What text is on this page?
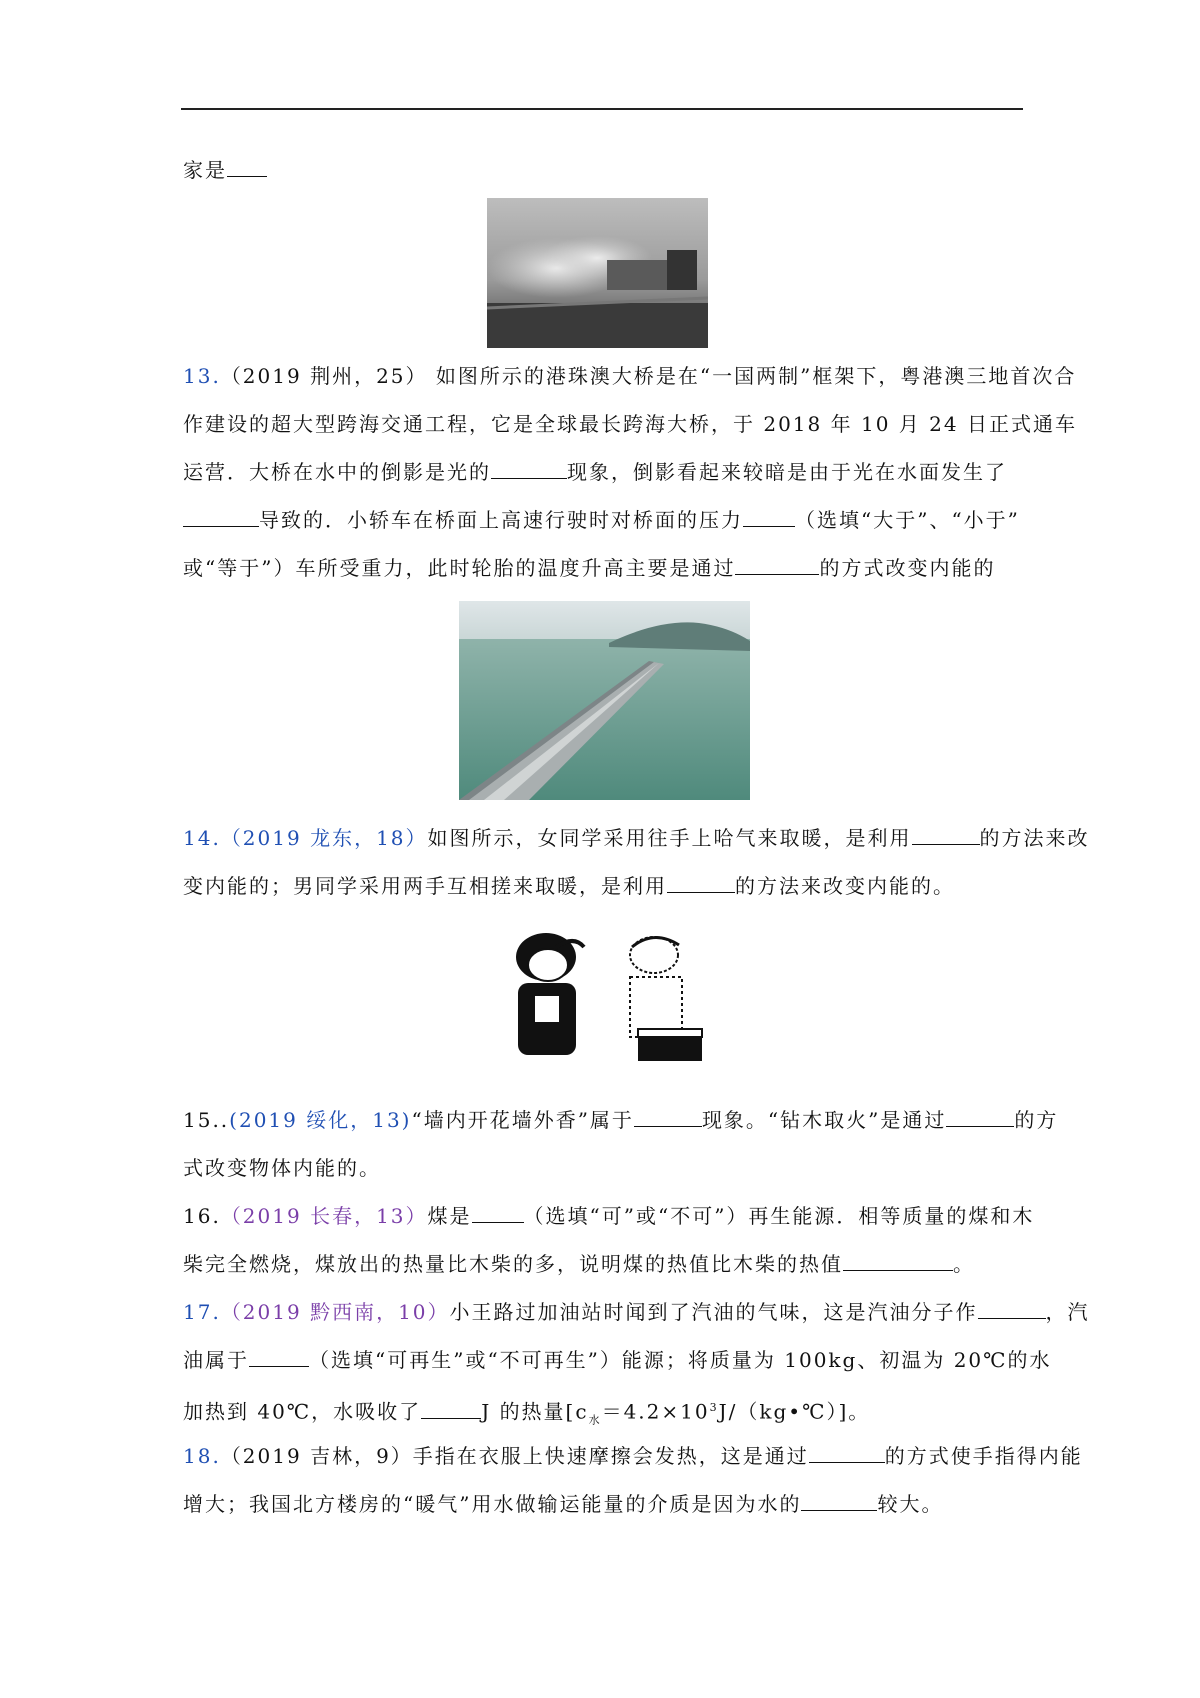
家是
13.（2019 荆州，25） 如图所示的港珠澳大桥是在“一国两制”框架下，粤港澳三地首次合
作建设的超大型跨海交通工程，它是全球最长跨海大桥，于 2018 年 10 月 24 日正式通车
运营．大桥在水中的倒影是光的	现象，倒影看起来较暗是由于光在水面发生了
导致的．小轿车在桥面上高速行驶时对桥面的压力	（选填“大于”、“小于”
或“等于”）车所受重力，此时轮胎的温度升高主要是通过	的方式改变内能的
14.（2019 龙东，18）如图所示，女同学采用往手上哈气来取暖，是利用	的方法来改
变内能的；男同学采用两手互相搓来取暖，是利用	的方法来改变内能的。
15..(2019 绥化，13)“墙内开花墙外香”属于	现象。“钻木取火”是通过	的方
式改变物体内能的。
16.（2019 长春，13）煤是	（选填“可”或“不可”）再生能源．相等质量的煤和木
柴完全燃烧，煤放出的热量比木柴的多，说明煤的热值比木柴的热值	。
17.（2019 黔西南，10）小王路过加油站时闻到了汽油的气味，这是汽油分子作	，汽
油属于	（选填“可再生”或“不可再生”）能源；将质量为 100kg、初温为 20℃的水
加热到 40℃，水吸收了	J 的热量$[c_水=4.2\times 10^3J/(kg•℃)]$。
18.（2019 吉林，9）手指在衣服上快速摩擦会发热，这是通过	的方式使手指得内能
增大；我国北方楼房的“暖气”用水做输运能量的介质是因为水的	较大。
